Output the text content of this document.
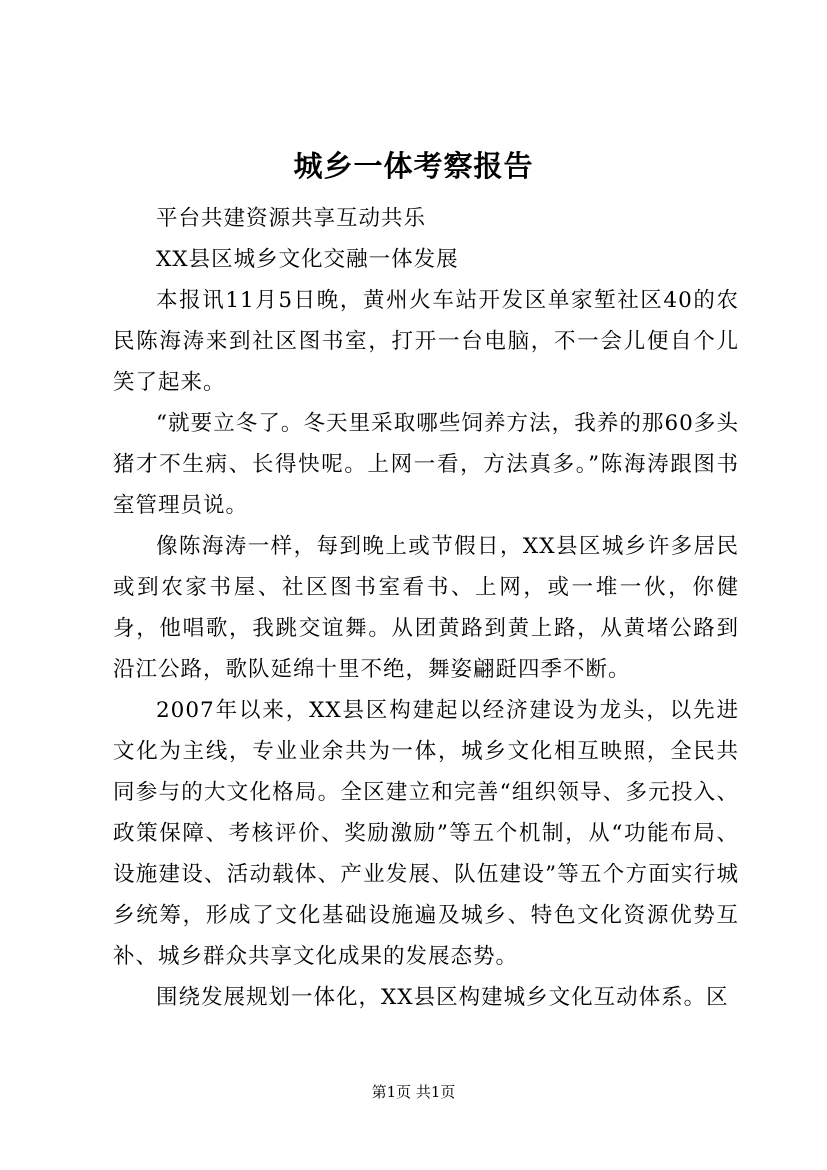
城乡一体考察报告

平台共建资源共享互动共乐

XX县区城乡文化交融一体发展

本报讯11月5日晚，黄州火车站开发区单家堑社区40的农民陈海涛来到社区图书室，打开一台电脑，不一会儿便自个儿笑了起来。

“就要立冬了。冬天里采取哪些饲养方法，我养的那60多头猪才不生病、长得快呢。上网一看，方法真多。”陈海涛跟图书室管理员说。

像陈海涛一样，每到晚上或节假日，XX县区城乡许多居民或到农家书屋、社区图书室看书、上网，或一堆一伙，你健身，他唱歌，我跳交谊舞。从团黄路到黄上路，从黄堵公路到沿江公路，歌队延绵十里不绝，舞姿翩跹四季不断。

2007年以来，XX县区构建起以经济建设为龙头，以先进文化为主线，专业业余共为一体，城乡文化相互映照，全民共同参与的大文化格局。全区建立和完善“组织领导、多元投入、政策保障、考核评价、奖励激励”等五个机制，从“功能布局、设施建设、活动载体、产业发展、队伍建设”等五个方面实行城乡统筹，形成了文化基础设施遍及城乡、特色文化资源优势互补、城乡群众共享文化成果的发展态势。

围绕发展规划一体化，XX县区构建城乡文化互动体系。区

第1页 共1页
